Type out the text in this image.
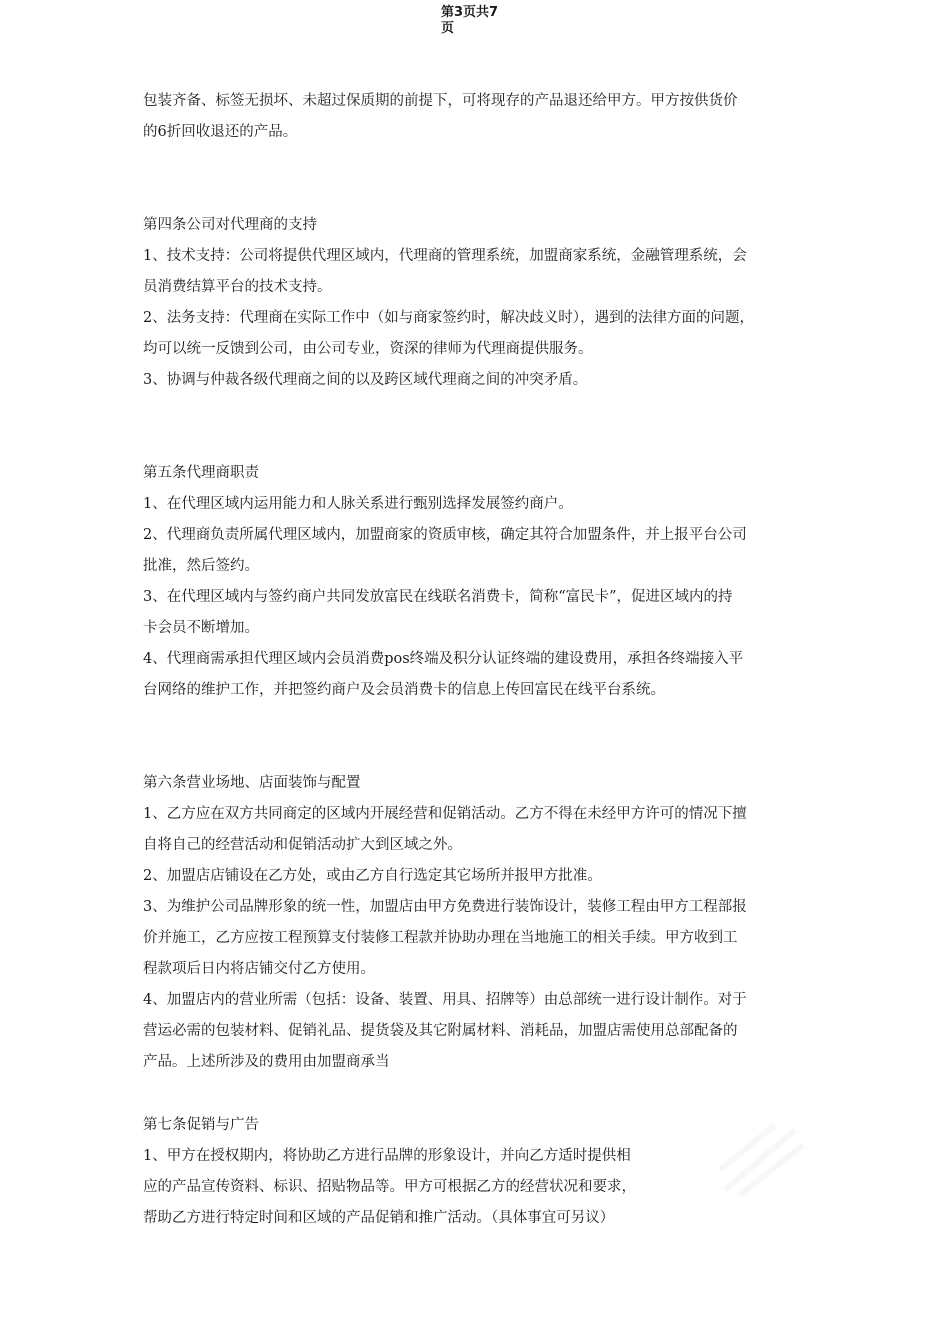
第3页共7
页
包装齐备、标签无损坏、未超过保质期的前提下，可将现存的产品退还给甲方。甲方按供货价
的6折回收退还的产品。
第四条公司对代理商的支持
1、技术支持：公司将提供代理区域内，代理商的管理系统，加盟商家系统，金融管理系统，会
员消费结算平台的技术支持。
2、法务支持：代理商在实际工作中（如与商家签约时，解决歧义时），遇到的法律方面的问题，
均可以统一反馈到公司，由公司专业，资深的律师为代理商提供服务。
3、协调与仲裁各级代理商之间的以及跨区域代理商之间的冲突矛盾。
第五条代理商职责
1、在代理区域内运用能力和人脉关系进行甄别选择发展签约商户。
2、代理商负责所属代理区域内，加盟商家的资质审核，确定其符合加盟条件，并上报平台公司
批准，然后签约。
3、在代理区域内与签约商户共同发放富民在线联名消费卡，简称“富民卡”，促进区域内的持
卡会员不断增加。
4、代理商需承担代理区域内会员消费pos终端及积分认证终端的建设费用，承担各终端接入平
台网络的维护工作，并把签约商户及会员消费卡的信息上传回富民在线平台系统。
第六条营业场地、店面装饰与配置
1、乙方应在双方共同商定的区域内开展经营和促销活动。乙方不得在未经甲方许可的情况下擅
自将自己的经营活动和促销活动扩大到区域之外。
2、加盟店店铺设在乙方处，或由乙方自行选定其它场所并报甲方批准。
3、为维护公司品牌形象的统一性，加盟店由甲方免费进行装饰设计，装修工程由甲方工程部报
价并施工，乙方应按工程预算支付装修工程款并协助办理在当地施工的相关手续。甲方收到工
程款项后日内将店铺交付乙方使用。
4、加盟店内的营业所需（包括：设备、装置、用具、招牌等）由总部统一进行设计制作。对于
营运必需的包装材料、促销礼品、提货袋及其它附属材料、消耗品，加盟店需使用总部配备的
产品。上述所涉及的费用由加盟商承当
第七条促销与广告
1、甲方在授权期内，将协助乙方进行品牌的形象设计，并向乙方适时提供相
应的产品宣传资料、标识、招贴物品等。甲方可根据乙方的经营状况和要求，
帮助乙方进行特定时间和区域的产品促销和推广活动。（具体事宜可另议）
